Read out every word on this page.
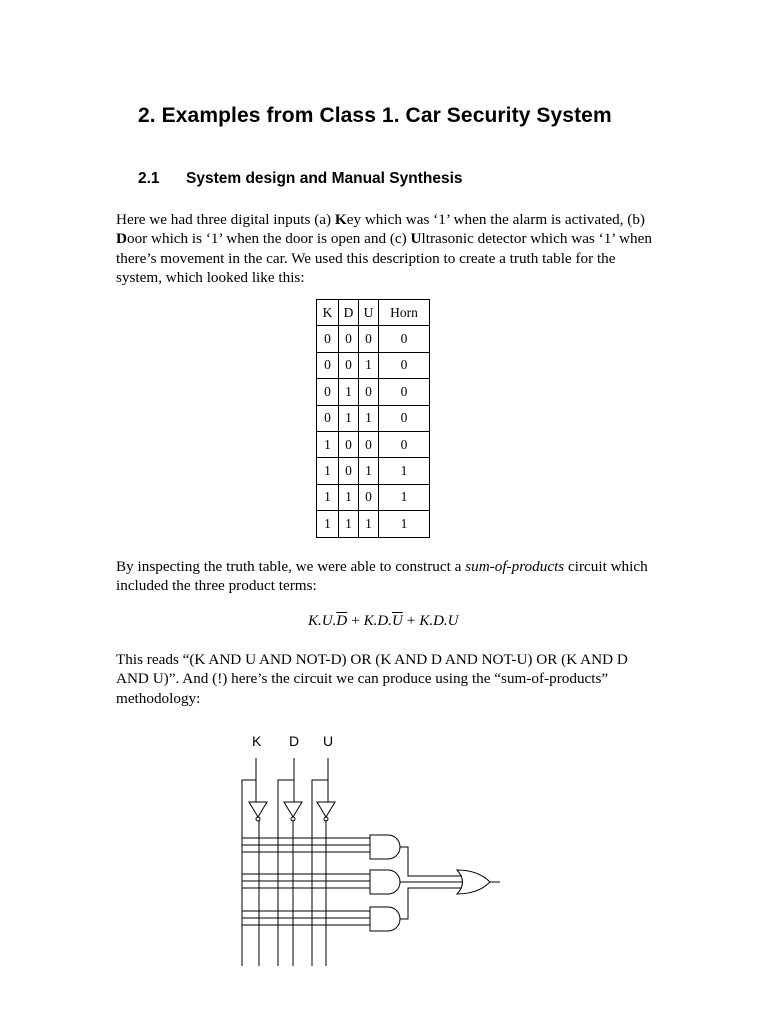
2. Examples from Class 1. Car Security System
2.1 System design and Manual Synthesis

Here we had three digital inputs (a) Key which was ‘1’ when the alarm is activated, (b) Door which is ‘1’ when the door is open and (c) Ultrasonic detector which was ‘1’ when there’s movement in the car. We used this description to create a truth table for the system, which looked like this:

K	D	U	Horn
0	0	0	0
0	0	1	0
0	1	0	0
0	1	1	0
1	0	0	0
1	0	1	1
1	1	0	1
1	1	1	1

By inspecting the truth table, we were able to construct a sum-of-products circuit which included the three product terms:

$K.U.\overline{D} + K.D.\overline{U} + K.D.U$

This reads “(K AND U AND NOT-D) OR (K AND D AND NOT-U) OR (K AND D AND U)”. And (!) here’s the circuit we can produce using the “sum-of-products” methodology:

K D U
